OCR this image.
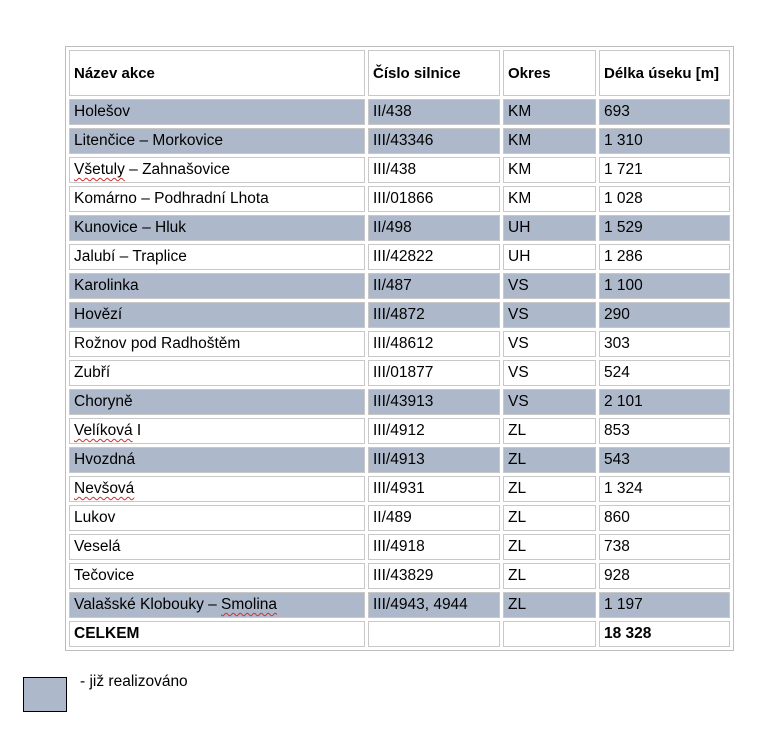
Název akce	Číslo silnice	Okres	Délka úseku [m]
Holešov	II/438	KM	693
Litenčice – Morkovice	III/43346	KM	1 310
Všetuly – Zahnašovice	III/438	KM	1 721
Komárno – Podhradní Lhota	III/01866	KM	1 028
Kunovice – Hluk	II/498	UH	1 529
Jalubí – Traplice	III/42822	UH	1 286
Karolinka	II/487	VS	1 100
Hovězí	III/4872	VS	290
Rožnov pod Radhoštěm	III/48612	VS	303
Zubří	III/01877	VS	524
Choryně	III/43913	VS	2 101
Velíková I	III/4912	ZL	853
Hvozdná	III/4913	ZL	543
Nevšová	III/4931	ZL	1 324
Lukov	II/489	ZL	860
Veselá	III/4918	ZL	738
Tečovice	III/43829	ZL	928
Valašské Klobouky – Smolina	III/4943, 4944	ZL	1 197
CELKEM			18 328
- již realizováno
